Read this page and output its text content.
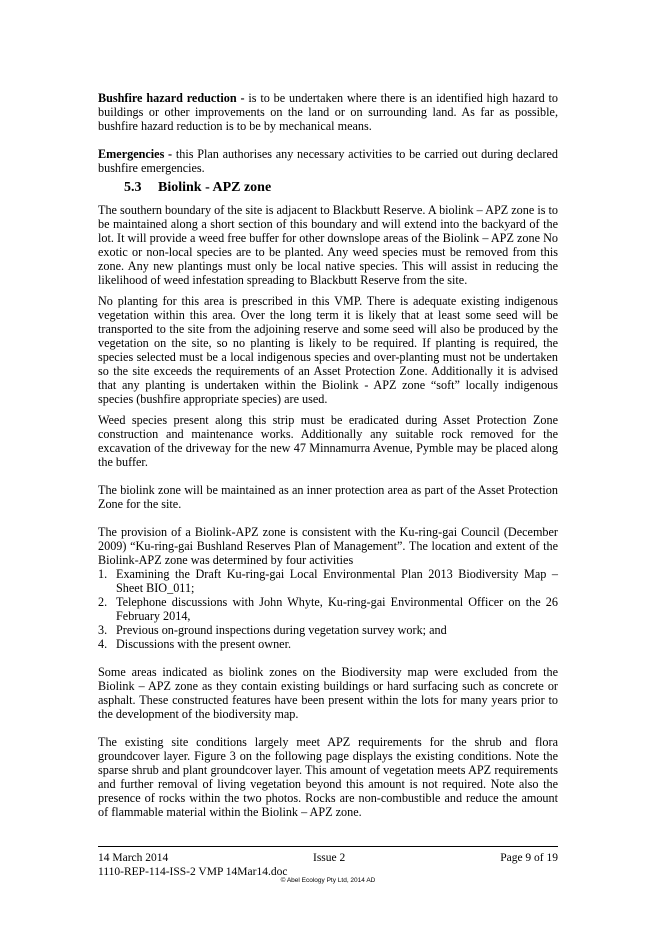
Bushfire hazard reduction - is to be undertaken where there is an identified high hazard to buildings or other improvements on the land or on surrounding land. As far as possible, bushfire hazard reduction is to be by mechanical means.

Emergencies - this Plan authorises any necessary activities to be carried out during declared bushfire emergencies.

5.3 Biolink - APZ zone

The southern boundary of the site is adjacent to Blackbutt Reserve. A biolink – APZ zone is to be maintained along a short section of this boundary and will extend into the backyard of the lot. It will provide a weed free buffer for other downslope areas of the Biolink – APZ zone No exotic or non-local species are to be planted. Any weed species must be removed from this zone. Any new plantings must only be local native species. This will assist in reducing the likelihood of weed infestation spreading to Blackbutt Reserve from the site.

No planting for this area is prescribed in this VMP. There is adequate existing indigenous vegetation within this area. Over the long term it is likely that at least some seed will be transported to the site from the adjoining reserve and some seed will also be produced by the vegetation on the site, so no planting is likely to be required. If planting is required, the species selected must be a local indigenous species and over-planting must not be undertaken so the site exceeds the requirements of an Asset Protection Zone. Additionally it is advised that any planting is undertaken within the Biolink - APZ zone “soft” locally indigenous species (bushfire appropriate species) are used.

Weed species present along this strip must be eradicated during Asset Protection Zone construction and maintenance works. Additionally any suitable rock removed for the excavation of the driveway for the new 47 Minnamurra Avenue, Pymble may be placed along the buffer.

The biolink zone will be maintained as an inner protection area as part of the Asset Protection Zone for the site.

The provision of a Biolink-APZ zone is consistent with the Ku-ring-gai Council (December 2009) “Ku-ring-gai Bushland Reserves Plan of Management”. The location and extent of the Biolink-APZ zone was determined by four activities

1. Examining the Draft Ku-ring-gai Local Environmental Plan 2013 Biodiversity Map – Sheet BIO_011;
2. Telephone discussions with John Whyte, Ku-ring-gai Environmental Officer on the 26 February 2014,
3. Previous on-ground inspections during vegetation survey work; and
4. Discussions with the present owner.

Some areas indicated as biolink zones on the Biodiversity map were excluded from the Biolink – APZ zone as they contain existing buildings or hard surfacing such as concrete or asphalt. These constructed features have been present within the lots for many years prior to the development of the biodiversity map.

The existing site conditions largely meet APZ requirements for the shrub and flora groundcover layer. Figure 3 on the following page displays the existing conditions. Note the sparse shrub and plant groundcover layer. This amount of vegetation meets APZ requirements and further removal of living vegetation beyond this amount is not required. Note also the presence of rocks within the two photos. Rocks are non-combustible and reduce the amount of flammable material within the Biolink – APZ zone.

14 March 2014	Issue 2	Page 9 of 19
1110-REP-114-ISS-2 VMP 14Mar14.doc
© Abel Ecology Pty Ltd, 2014 AD
